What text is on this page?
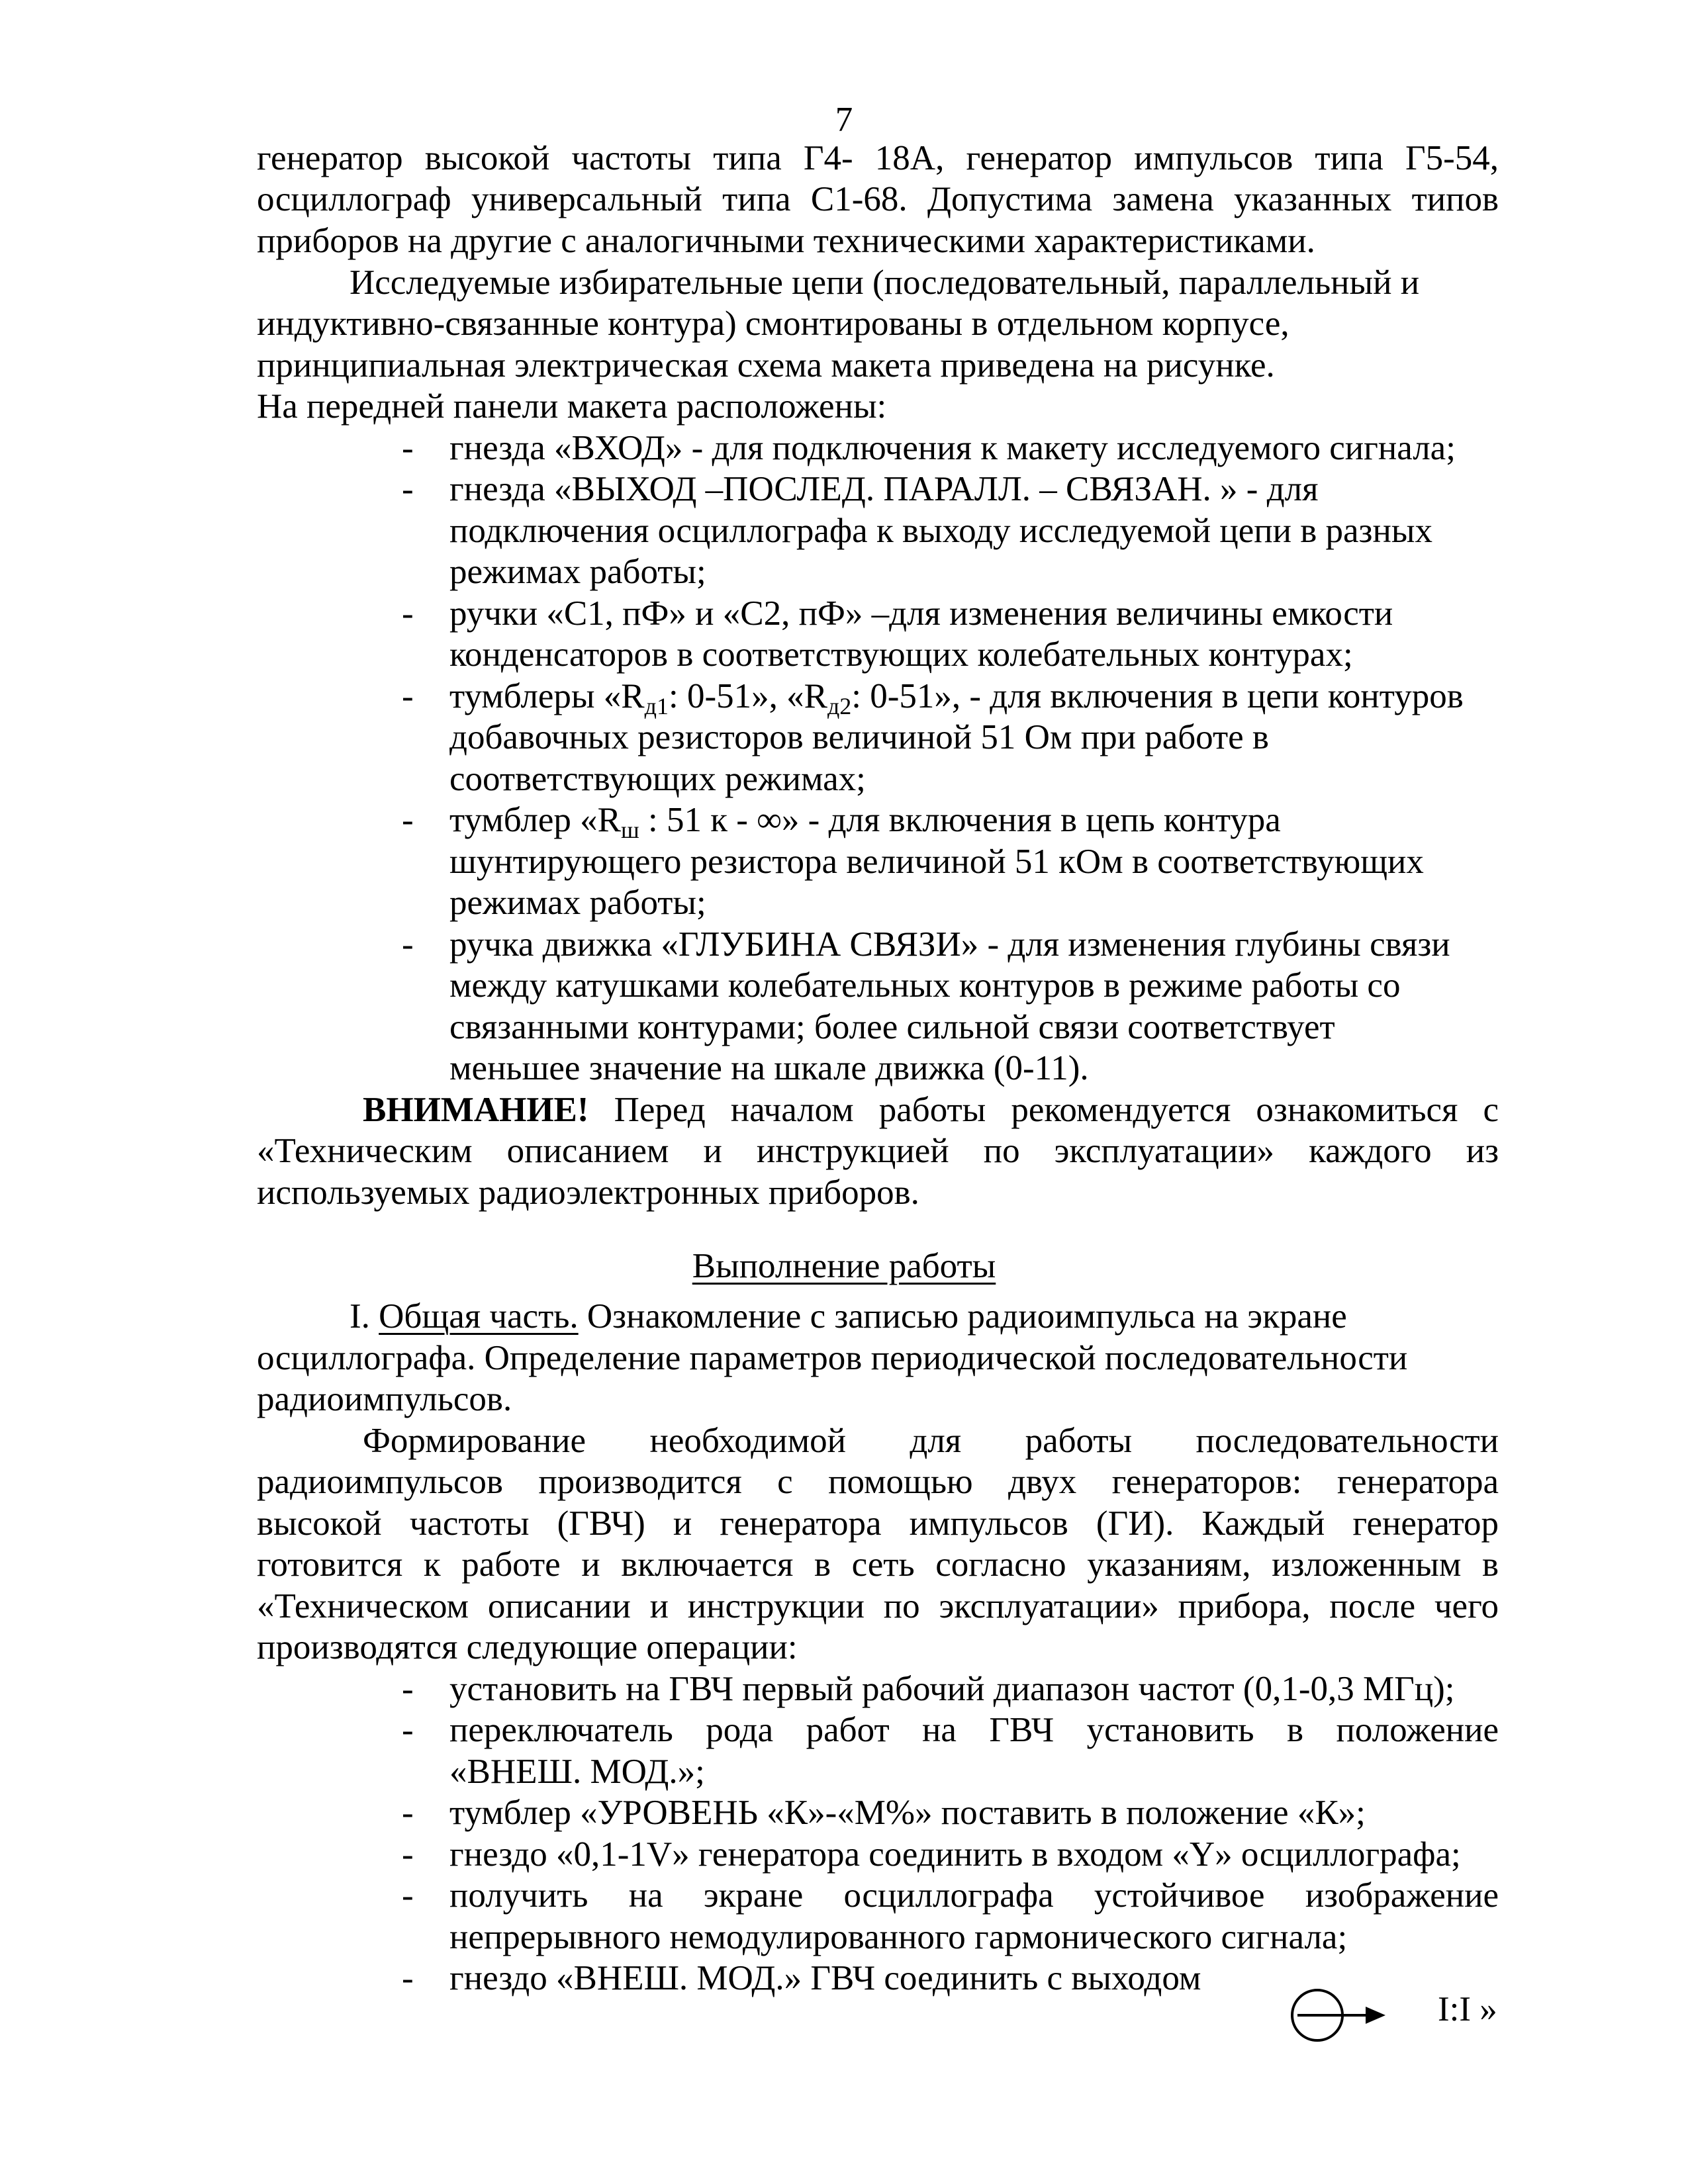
7
генератор высокой частоты типа Г4- 18А, генератор импульсов типа Г5-54,
осциллограф универсальный типа С1-68. Допустима замена указанных типов
приборов на другие с аналогичными техническими характеристиками.
Исследуемые избирательные цепи (последовательный, параллельный и
индуктивно-связанные контура) смонтированы в отдельном корпусе,
принципиальная электрическая схема макета приведена на рисунке.
На передней панели макета расположены:
- гнезда «ВХОД» - для подключения к макету исследуемого сигнала;
- гнезда «ВЫХОД –ПОСЛЕД. ПАРАЛЛ. – СВЯЗАН. » - для
подключения осциллографа к выходу исследуемой цепи в разных
режимах работы;
- ручки «С1, пФ» и «С2, пФ» –для изменения величины емкости
конденсаторов в соответствующих колебательных контурах;
- тумблеры «$R_{д1}$: 0-51», «$R_{д2}$: 0-51», - для включения в цепи контуров
добавочных резисторов величиной 51 Ом при работе в
соответствующих режимах;
- тумблер «$R_ш$ : 51 к - ∞» - для включения в цепь контура
шунтирующего резистора величиной 51 кОм в соответствующих
режимах работы;
- ручка движка «ГЛУБИНА СВЯЗИ» - для изменения глубины связи
между катушками колебательных контуров в режиме работы со
связанными контурами; более сильной связи соответствует
меньшее значение на шкале движка (0-11).
ВНИМАНИЕ! Перед началом работы рекомендуется ознакомиться с
«Техническим описанием и инструкцией по эксплуатации» каждого из
используемых радиоэлектронных приборов.
Выполнение работы
I. Общая часть. Ознакомление с записью радиоимпульса на экране
осциллографа. Определение параметров периодической последовательности
радиоимпульсов.
Формирование необходимой для работы последовательности
радиоимпульсов производится с помощью двух генераторов: генератора
высокой частоты (ГВЧ) и генератора импульсов (ГИ). Каждый генератор
готовится к работе и включается в сеть согласно указаниям, изложенным в
«Техническом описании и инструкции по эксплуатации» прибора, после чего
производятся следующие операции:
- установить на ГВЧ первый рабочий диапазон частот (0,1-0,3 МГц);
- переключатель рода работ на ГВЧ установить в положение
«ВНЕШ. МОД.»;
- тумблер «УРОВЕНЬ «К»-«М%» поставить в положение «К»;
- гнездо «0,1-1V» генератора соединить в входом «Y» осциллографа;
- получить на экране осциллографа устойчивое изображение
непрерывного немодулированного гармонического сигнала;
- гнездо «ВНЕШ. МОД.» ГВЧ соединить с выходом
I:I »
